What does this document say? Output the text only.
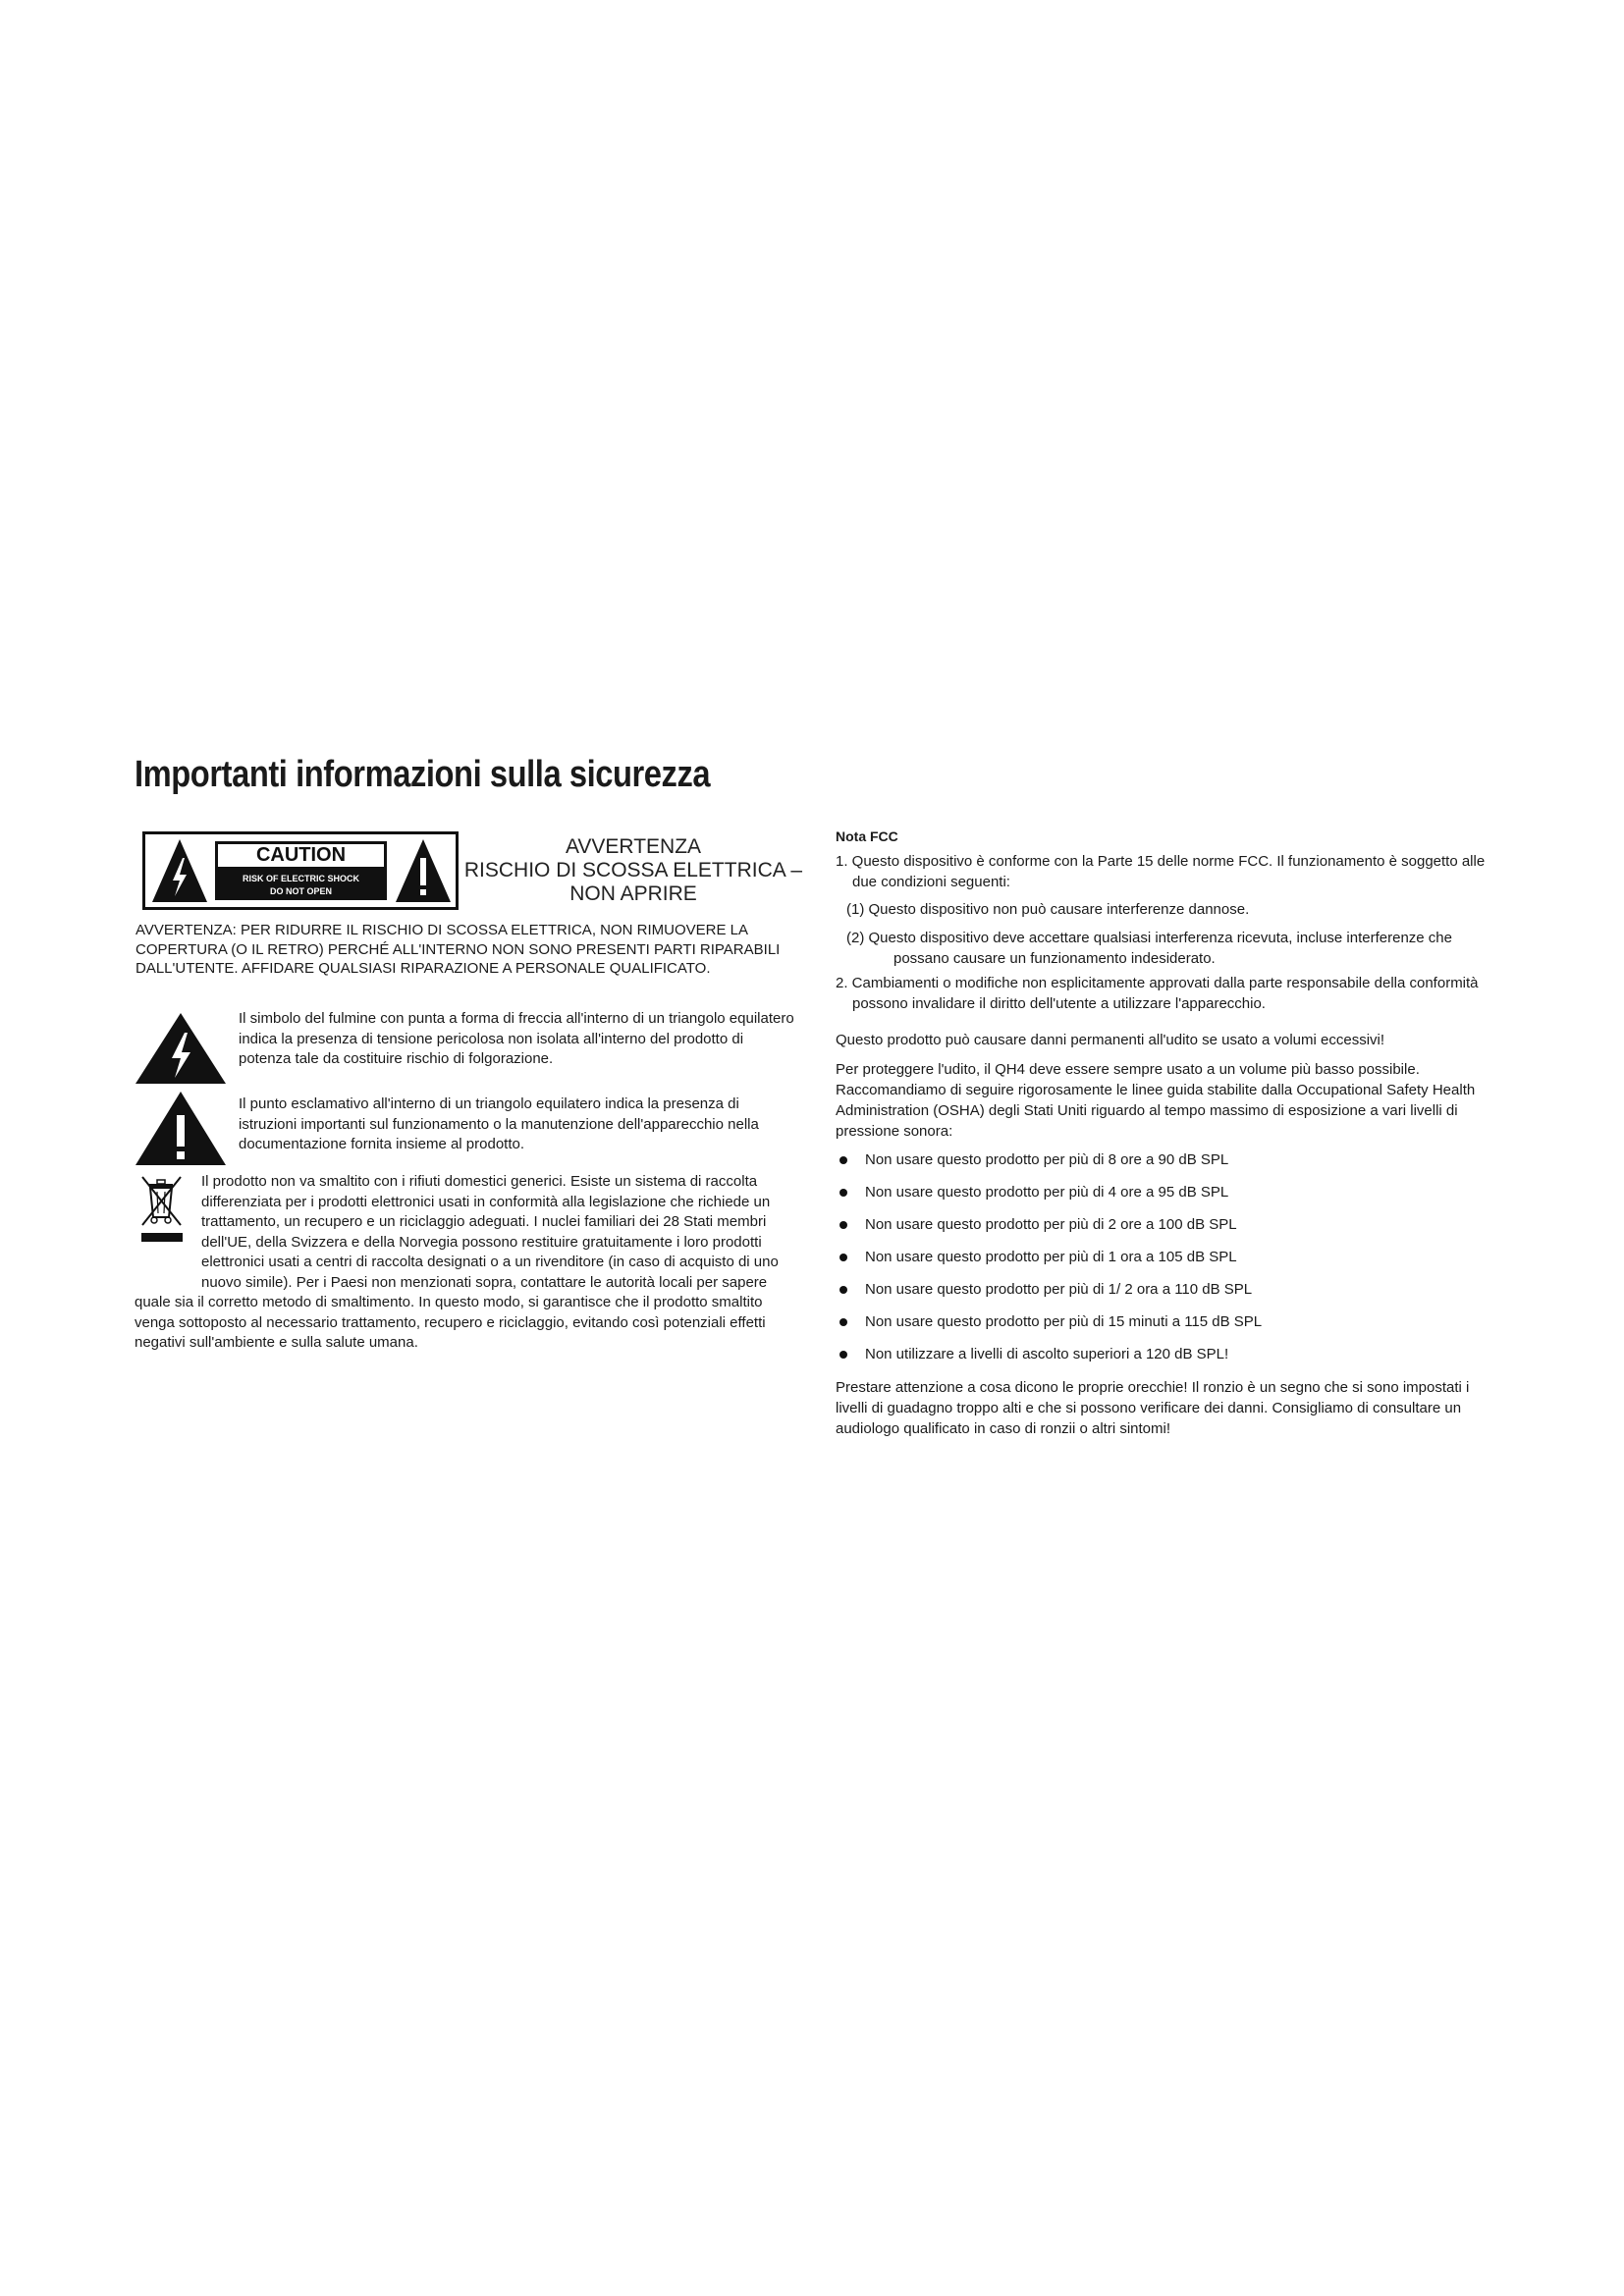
Importanti informazioni sulla sicurezza
CAUTION
RISK OF ELECTRIC SHOCK
DO NOT OPEN
AVVERTENZA
RISCHIO DI SCOSSA ELETTRICA –
NON APRIRE

AVVERTENZA: PER RIDURRE IL RISCHIO DI SCOSSA ELETTRICA, NON RIMUOVERE LA COPERTURA (O IL RETRO) PERCHÉ ALL'INTERNO NON SONO PRESENTI PARTI RIPARABILI DALL'UTENTE. AFFIDARE QUALSIASI RIPARAZIONE A PERSONALE QUALIFICATO.

Il simbolo del fulmine con punta a forma di freccia all'interno di un triangolo equilatero indica la presenza di tensione pericolosa non isolata all'interno del prodotto di potenza tale da costituire rischio di folgorazione.

Il punto esclamativo all'interno di un triangolo equilatero indica la presenza di istruzioni importanti sul funzionamento o la manutenzione dell'apparecchio nella documentazione fornita insieme al prodotto.

Il prodotto non va smaltito con i rifiuti domestici generici. Esiste un sistema di raccolta differenziata per i prodotti elettronici usati in conformità alla legislazione che richiede un trattamento, un recupero e un riciclaggio adeguati. I nuclei familiari dei 28 Stati membri dell'UE, della Svizzera e della Norvegia possono restituire gratuitamente i loro prodotti elettronici usati a centri di raccolta designati o a un rivenditore (in caso di acquisto di uno nuovo simile). Per i Paesi non menzionati sopra, contattare le autorità locali per sapere quale sia il corretto metodo di smaltimento. In questo modo, si garantisce che il prodotto smaltito venga sottoposto al necessario trattamento, recupero e riciclaggio, evitando così potenziali effetti negativi sull'ambiente e sulla salute umana.

Nota FCC

1. Questo dispositivo è conforme con la Parte 15 delle norme FCC. Il funzionamento è soggetto alle due condizioni seguenti:

(1) Questo dispositivo non può causare interferenze dannose.

(2) Questo dispositivo deve accettare qualsiasi interferenza ricevuta, incluse interferenze che possano causare un funzionamento indesiderato.

2. Cambiamenti o modifiche non esplicitamente approvati dalla parte responsabile della conformità possono invalidare il diritto dell'utente a utilizzare l'apparecchio.

Questo prodotto può causare danni permanenti all'udito se usato a volumi eccessivi!

Per proteggere l'udito, il QH4 deve essere sempre usato a un volume più basso possibile. Raccomandiamo di seguire rigorosamente le linee guida stabilite dalla Occupational Safety Health Administration (OSHA) degli Stati Uniti riguardo al tempo massimo di esposizione a vari livelli di pressione sonora:

Non usare questo prodotto per più di 8 ore a 90 dB SPL
Non usare questo prodotto per più di 4 ore a 95 dB SPL
Non usare questo prodotto per più di 2 ore a 100 dB SPL
Non usare questo prodotto per più di 1 ora a 105 dB SPL
Non usare questo prodotto per più di 1/ 2 ora a 110 dB SPL
Non usare questo prodotto per più di 15 minuti a 115 dB SPL
Non utilizzare a livelli di ascolto superiori a 120 dB SPL!

Prestare attenzione a cosa dicono le proprie orecchie! Il ronzio è un segno che si sono impostati i livelli di guadagno troppo alti e che si possono verificare dei danni. Consigliamo di consultare un audiologo qualificato in caso di ronzii o altri sintomi!
